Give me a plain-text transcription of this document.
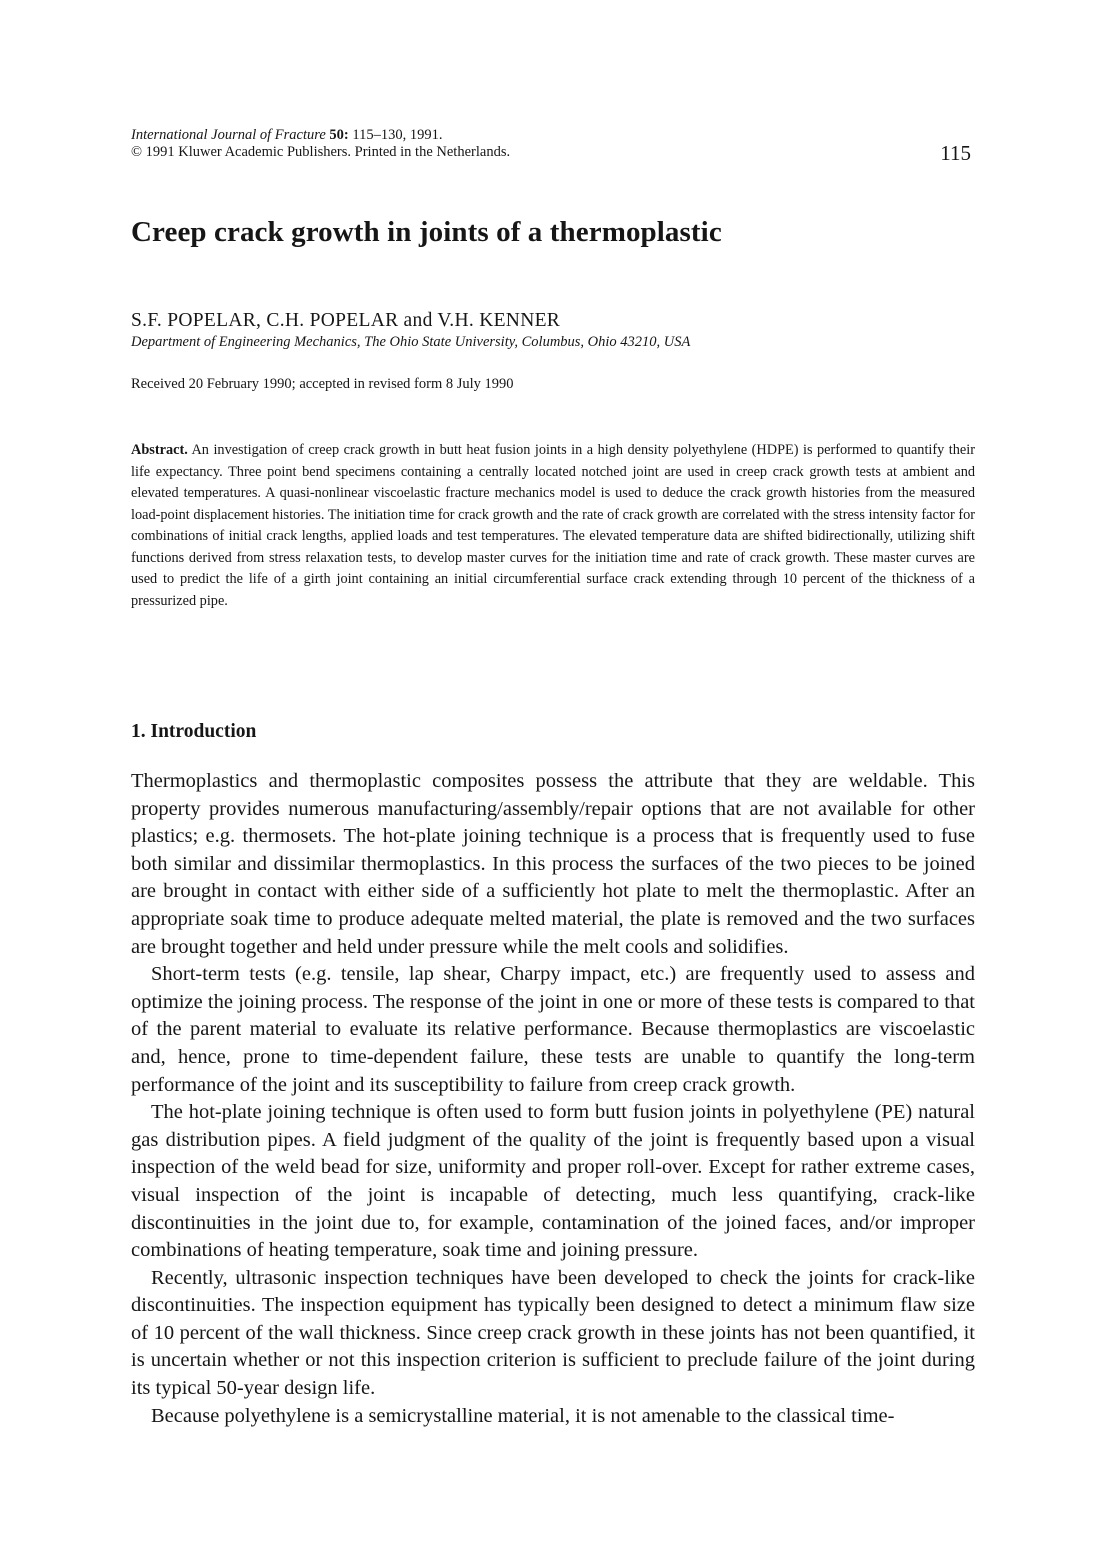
International Journal of Fracture 50: 115–130, 1991.
© 1991 Kluwer Academic Publishers. Printed in the Netherlands.	115
Creep crack growth in joints of a thermoplastic
S.F. POPELAR, C.H. POPELAR and V.H. KENNER
Department of Engineering Mechanics, The Ohio State University, Columbus, Ohio 43210, USA
Received 20 February 1990; accepted in revised form 8 July 1990

Abstract. An investigation of creep crack growth in butt heat fusion joints in a high density polyethylene (HDPE) is performed to quantify their life expectancy. Three point bend specimens containing a centrally located notched joint are used in creep crack growth tests at ambient and elevated temperatures. A quasi-nonlinear viscoelastic fracture mechanics model is used to deduce the crack growth histories from the measured load-point displacement histories. The initiation time for crack growth and the rate of crack growth are correlated with the stress intensity factor for combinations of initial crack lengths, applied loads and test temperatures. The elevated temperature data are shifted bidirectionally, utilizing shift functions derived from stress relaxation tests, to develop master curves for the initiation time and rate of crack growth. These master curves are used to predict the life of a girth joint containing an initial circumferential surface crack extending through 10 percent of the thickness of a pressurized pipe.

1. Introduction

Thermoplastics and thermoplastic composites possess the attribute that they are weldable. This property provides numerous manufacturing/assembly/repair options that are not available for other plastics; e.g. thermosets. The hot-plate joining technique is a process that is frequently used to fuse both similar and dissimilar thermoplastics. In this process the surfaces of the two pieces to be joined are brought in contact with either side of a sufficiently hot plate to melt the thermoplastic. After an appropriate soak time to produce adequate melted material, the plate is removed and the two surfaces are brought together and held under pressure while the melt cools and solidifies.

Short-term tests (e.g. tensile, lap shear, Charpy impact, etc.) are frequently used to assess and optimize the joining process. The response of the joint in one or more of these tests is compared to that of the parent material to evaluate its relative performance. Because thermoplastics are viscoelastic and, hence, prone to time-dependent failure, these tests are unable to quantify the long-term performance of the joint and its susceptibility to failure from creep crack growth.

The hot-plate joining technique is often used to form butt fusion joints in polyethylene (PE) natural gas distribution pipes. A field judgment of the quality of the joint is frequently based upon a visual inspection of the weld bead for size, uniformity and proper roll-over. Except for rather extreme cases, visual inspection of the joint is incapable of detecting, much less quantifying, crack-like discontinuities in the joint due to, for example, contamination of the joined faces, and/or improper combinations of heating temperature, soak time and joining pressure.

Recently, ultrasonic inspection techniques have been developed to check the joints for crack-like discontinuities. The inspection equipment has typically been designed to detect a minimum flaw size of 10 percent of the wall thickness. Since creep crack growth in these joints has not been quantified, it is uncertain whether or not this inspection criterion is sufficient to preclude failure of the joint during its typical 50-year design life.

Because polyethylene is a semicrystalline material, it is not amenable to the classical time-
